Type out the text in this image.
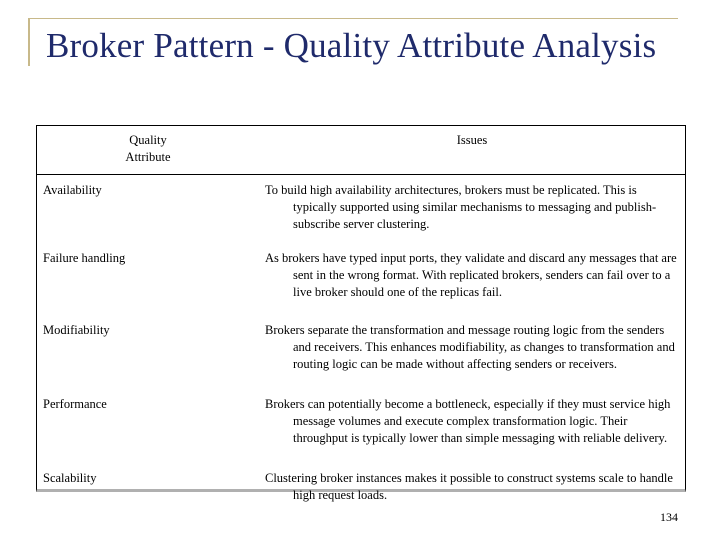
Broker Pattern - Quality Attribute Analysis
Quality Attribute	Issues
Availability	To build high availability architectures, brokers must be replicated. This is typically supported using similar mechanisms to messaging and publish-subscribe server clustering.

Failure handling	As brokers have typed input ports, they validate and discard any messages that are sent in the wrong format. With replicated brokers, senders can fail over to a live broker should one of the replicas fail.

Modifiability	Brokers separate the transformation and message routing logic from the senders and receivers. This enhances modifiability, as changes to transformation and routing logic can be made without affecting senders or receivers.

Performance	Brokers can potentially become a bottleneck, especially if they must service high message volumes and execute complex transformation logic. Their throughput is typically lower than simple messaging with reliable delivery.

Scalability	Clustering broker instances makes it possible to construct systems scale to handle high request loads.
134
